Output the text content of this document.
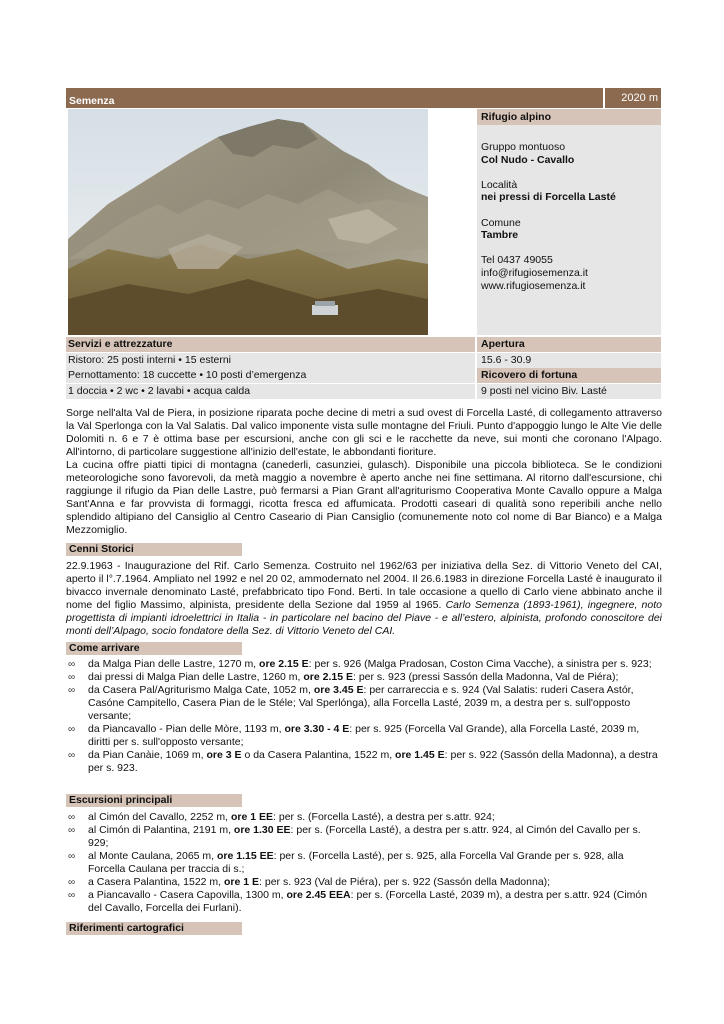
Semenza	2020 m
Rifugio alpino

Gruppo montuoso
Col Nudo - Cavallo

Località
nei pressi di Forcella Lasté

Comune
Tambre

Tel 0437 49055
info@rifugiosemenza.it
www.rifugiosemenza.it

Servizi e attrezzature	Apertura
Ristoro: 25 posti interni • 15 esterni	15.6 - 30.9
Pernottamento: 18 cuccette • 10 posti d’emergenza	Ricovero di fortuna
1 doccia • 2 wc • 2 lavabi • acqua calda	9 posti nel vicino Biv. Lasté

Sorge nell'alta Val de Piera, in posizione riparata poche decine di metri a sud ovest di Forcella Lasté, di collegamento attraverso la Val Sperlonga con la Val Salatis. Dal valico imponente vista sulle montagne del Friuli. Punto d'appoggio lungo le Alte Vie delle Dolomiti n. 6 e 7 è ottima base per escursioni, anche con gli sci e le racchette da neve, sui monti che coronano l'Alpago. All'intorno, di particolare suggestione all'inizio dell'estate, le abbondanti fioriture.

La cucina offre piatti tipici di montagna (canederli, casunziei, gulasch). Disponibile una piccola biblioteca. Se le condizioni meteorologiche sono favorevoli, da metà maggio a novembre è aperto anche nei fine settimana. Al ritorno dall'escursione, chi raggiunge il rifugio da Pian delle Lastre, può fermarsi a Pian Grant all'agriturismo Cooperativa Monte Cavallo oppure a Malga Sant'Anna e far provvista di formaggi, ricotta fresca ed affumicata. Prodotti caseari di qualità sono reperibili anche nello splendido altipiano del Cansiglio al Centro Caseario di Pian Cansiglio (comunemente noto col nome di Bar Bianco) e a Malga Mezzomiglio.

Cenni Storici

22.9.1963 - Inaugurazione del Rif. Carlo Semenza. Costruito nel 1962/63 per iniziativa della Sez. di Vittorio Veneto del CAI, aperto il l°.7.1964. Ampliato nel 1992 e nel 20 02, ammodernato nel 2004. Il 26.6.1983 in direzione Forcella Lasté è inaugurato il bivacco invernale denominato Lasté, prefabbricato tipo Fond. Berti. In tale occasione a quello di Carlo viene abbinato anche il nome del figlio Massimo, alpinista, presidente della Sezione dal 1959 al 1965. Carlo Semenza (1893-1961), ingegnere, noto progettista di impianti idroelettrici in Italia - in particolare nel bacino del Piave - e all’estero, alpinista, profondo conoscitore dei monti dell’Alpago, socio fondatore della Sez. di Vittorio Veneto del CAI.

Come arrivare
∞ da Malga Pian delle Lastre, 1270 m, ore 2.15 E: per s. 926 (Malga Pradosan, Coston Cima Vacche), a sinistra per s. 923;
∞ dai pressi di Malga Pian delle Lastre, 1260 m, ore 2.15 E: per s. 923 (pressi Sassón della Madonna, Val de Piéra);
∞ da Casera Pal/Agriturismo Malga Cate, 1052 m, ore 3.45 E: per carrareccia e s. 924 (Val Salatis: ruderi Casera Astór, Casóne Campitello, Casera Pian de le Stéle; Val Sperlónga), alla Forcella Lasté, 2039 m, a destra per s. sull'opposto versante;
∞ da Piancavallo - Pian delle Mòre, 1193 m, ore 3.30 - 4 E: per s. 925 (Forcella Val Grande), alla Forcella Lasté, 2039 m, diritti per s. sull'opposto versante;
∞ da Pian Canàie, 1069 m, ore 3 E o da Casera Palantina, 1522 m, ore 1.45 E: per s. 922 (Sassón della Madonna), a destra per s. 923.
Escursioni principali
∞ al Cimón del Cavallo, 2252 m, ore 1 EE: per s. (Forcella Lasté), a destra per s.attr. 924;
∞ al Cimón di Palantina, 2191 m, ore 1.30 EE: per s. (Forcella Lasté), a destra per s.attr. 924, al Cimón del Cavallo per s. 929;
∞ al Monte Caulana, 2065 m, ore 1.15 EE: per s. (Forcella Lasté), per s. 925, alla Forcella Val Grande per s. 928, alla Forcella Caulana per traccia di s.;
∞ a Casera Palantina, 1522 m, ore 1 E: per s. 923 (Val de Piéra), per s. 922 (Sassón della Madonna);
∞ a Piancavallo - Casera Capovilla, 1300 m, ore 2.45 EEA: per s. (Forcella Lasté, 2039 m), a destra per s.attr. 924 (Cimón del Cavallo, Forcella dei Furlani).
Riferimenti cartografici
